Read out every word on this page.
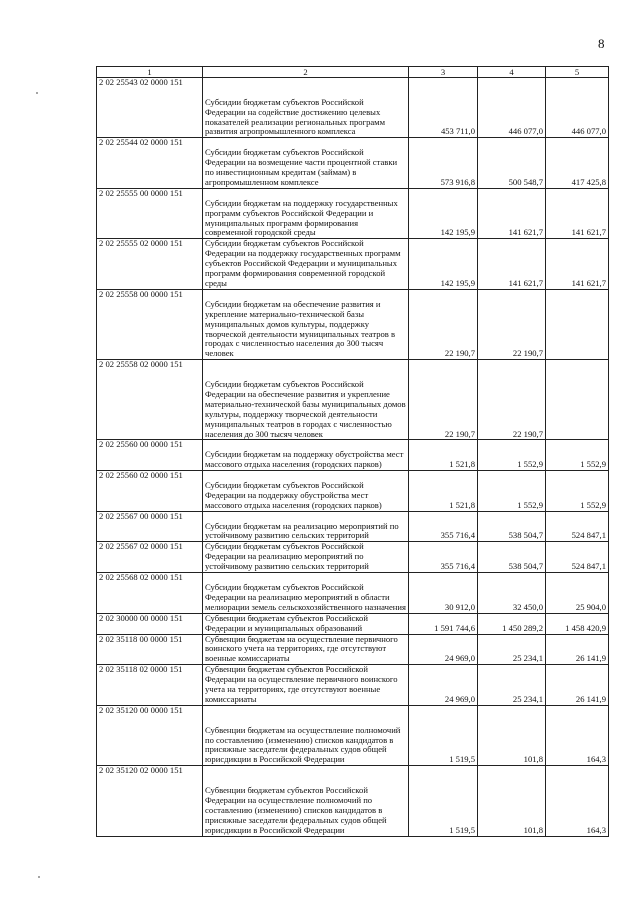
8
1	2	3	4	5
2 02 25543 02 0000 151	Субсидии бюджетам субъектов Российской Федерации на содействие достижению целевых показателей реализации региональных программ развития агропромышленного комплекса	453 711,0	446 077,0	446 077,0
2 02 25544 02 0000 151	Субсидии бюджетам субъектов Российской Федерации на возмещение части процентной ставки по инвестиционным кредитам (займам) в агропромышленном комплексе	573 916,8	500 548,7	417 425,8
2 02 25555 00 0000 151	Субсидии бюджетам на поддержку государственных программ субъектов Российской Федерации и муниципальных программ формирования современной городской среды	142 195,9	141 621,7	141 621,7
2 02 25555 02 0000 151	Субсидии бюджетам субъектов Российской Федерации на поддержку государственных программ субъектов Российской Федерации и муниципальных программ формирования современной городской среды	142 195,9	141 621,7	141 621,7
2 02 25558 00 0000 151	Субсидии бюджетам на обеспечение развития и укрепление материально-технической базы муниципальных домов культуры, поддержку творческой деятельности муниципальных театров в городах с численностью населения до 300 тысяч человек	22 190,7	22 190,7	
2 02 25558 02 0000 151	Субсидии бюджетам субъектов Российской Федерации на обеспечение развития и укрепление материально-технической базы муниципальных домов культуры, поддержку творческой деятельности муниципальных театров в городах с численностью населения до 300 тысяч человек	22 190,7	22 190,7	
2 02 25560 00 0000 151	Субсидии бюджетам на поддержку обустройства мест массового отдыха населения (городских парков)	1 521,8	1 552,9	1 552,9
2 02 25560 02 0000 151	Субсидии бюджетам субъектов Российской Федерации на поддержку обустройства мест массового отдыха населения (городских парков)	1 521,8	1 552,9	1 552,9
2 02 25567 00 0000 151	Субсидии бюджетам на реализацию мероприятий по устойчивому развитию сельских территорий	355 716,4	538 504,7	524 847,1
2 02 25567 02 0000 151	Субсидии бюджетам субъектов Российской Федерации на реализацию мероприятий по устойчивому развитию сельских территорий	355 716,4	538 504,7	524 847,1
2 02 25568 02 0000 151	Субсидии бюджетам субъектов Российской Федерации на реализацию мероприятий в области мелиорации земель сельскохозяйственного назначения	30 912,0	32 450,0	25 904,0
2 02 30000 00 0000 151	Субвенции бюджетам субъектов Российской Федерации и муниципальных образований	1 591 744,6	1 450 289,2	1 458 420,9
2 02 35118 00 0000 151	Субвенции бюджетам на осуществление первичного воинского учета на территориях, где отсутствуют военные комиссариаты	24 969,0	25 234,1	26 141,9
2 02 35118 02 0000 151	Субвенции бюджетам субъектов Российской Федерации на осуществление первичного воинского учета на территориях, где отсутствуют военные комиссариаты	24 969,0	25 234,1	26 141,9
2 02 35120 00 0000 151	Субвенции бюджетам на осуществление полномочий по составлению (изменению) списков кандидатов в присяжные заседатели федеральных судов общей юрисдикции в Российской Федерации	1 519,5	101,8	164,3
2 02 35120 02 0000 151	Субвенции бюджетам субъектов Российской Федерации на осуществление полномочий по составлению (изменению) списков кандидатов в присяжные заседатели федеральных судов общей юрисдикции в Российской Федерации	1 519,5	101,8	164,3
